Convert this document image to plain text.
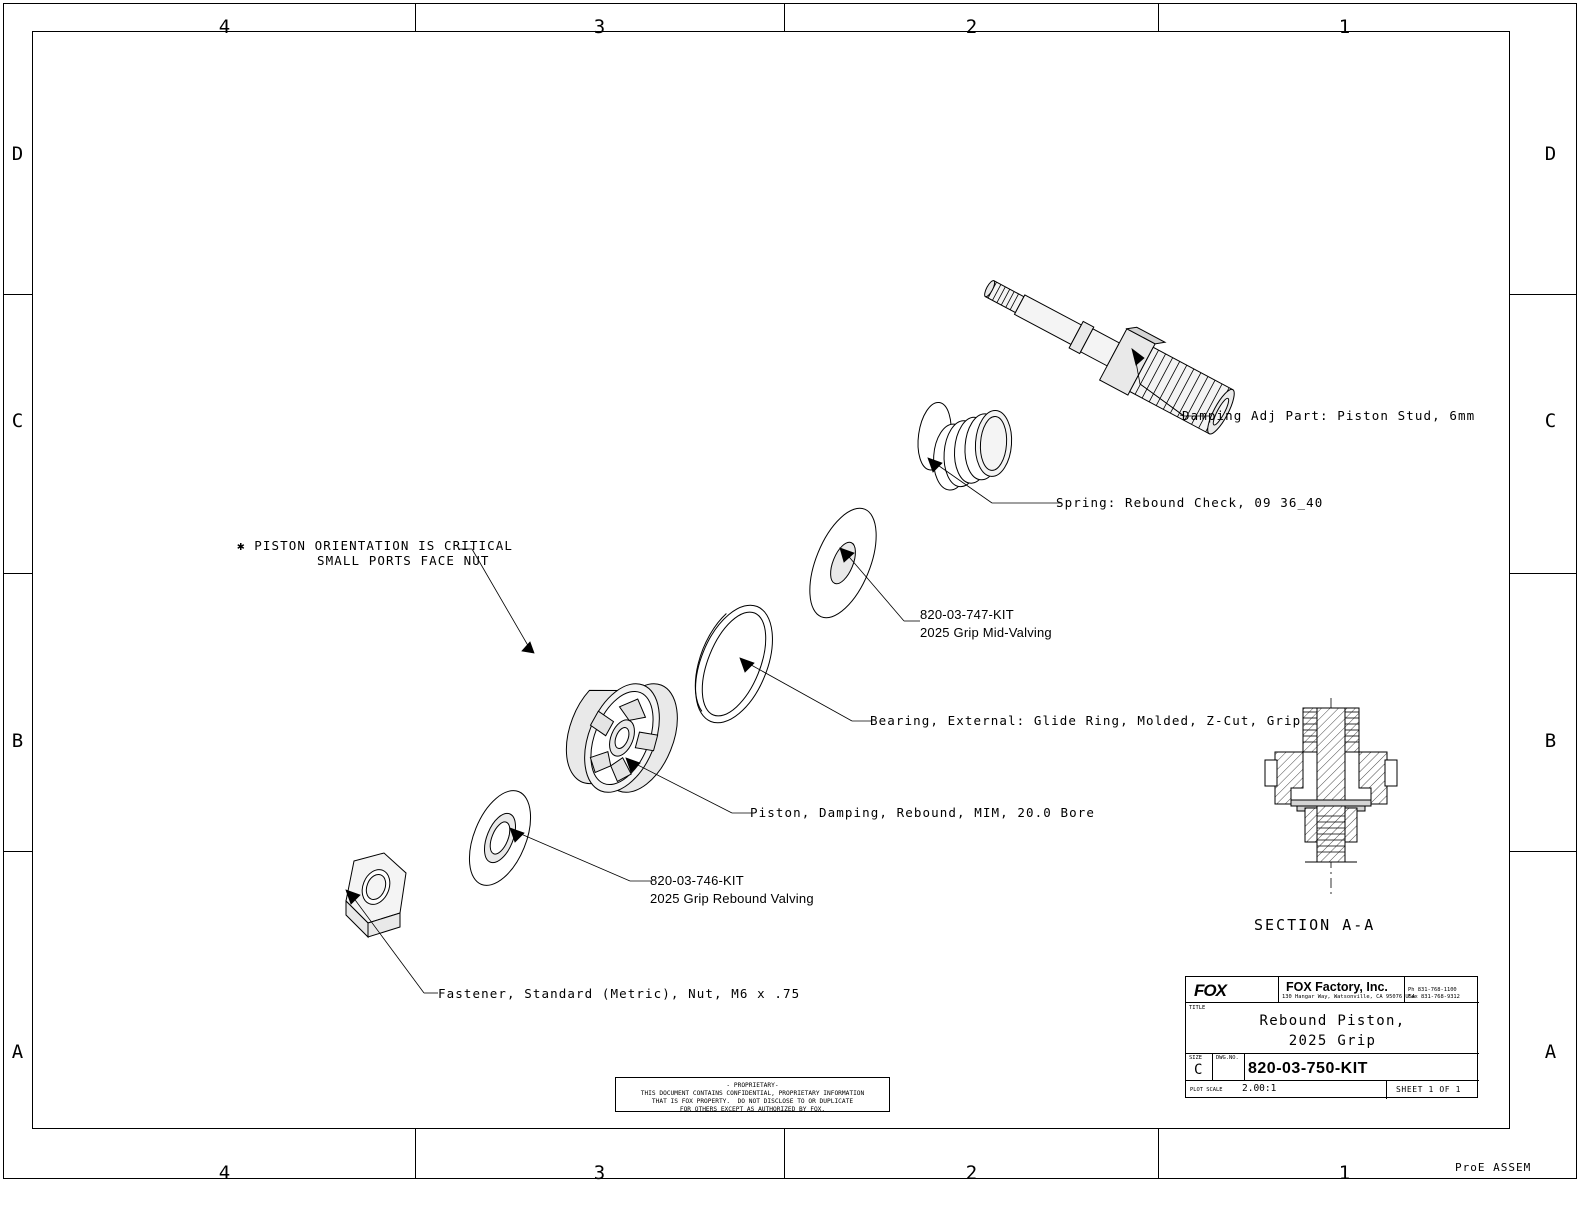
4	3	2	1
4	3	2	1
D
C
B
A
D
C
B
A
Damping Adj Part: Piston Stud, 6mm
Spring: Rebound Check, 09 36_40
820-03-747-KIT
2025 Grip Mid-Valving
Bearing, External: Glide Ring, Molded, Z-Cut, Grip
Piston, Damping, Rebound, MIM, 20.0 Bore
820-03-746-KIT
2025 Grip Rebound Valving
Fastener, Standard (Metric), Nut, M6 x .75
✱ PISTON ORIENTATION IS CRITICAL
SMALL PORTS FACE NUT
SECTION A-A
- PROPRIETARY-
THIS DOCUMENT CONTAINS CONFIDENTIAL, PROPRIETARY INFORMATION
THAT IS FOX PROPERTY.  DO NOT DISCLOSE TO OR DUPLICATE
FOR OTHERS EXCEPT AS AUTHORIZED BY FOX.
FOX	FOX Factory, Inc.
130 Hangar Way, Watsonville, CA 95076 USA
Ph 831-768-1100
Fax 831-768-9312
TITLE
Rebound Piston,
2025 Grip
SIZE
C
DWG.NO.
820-03-750-KIT
PLOT SCALE 2.00:1	SHEET 1 OF 1
ProE ASSEM
